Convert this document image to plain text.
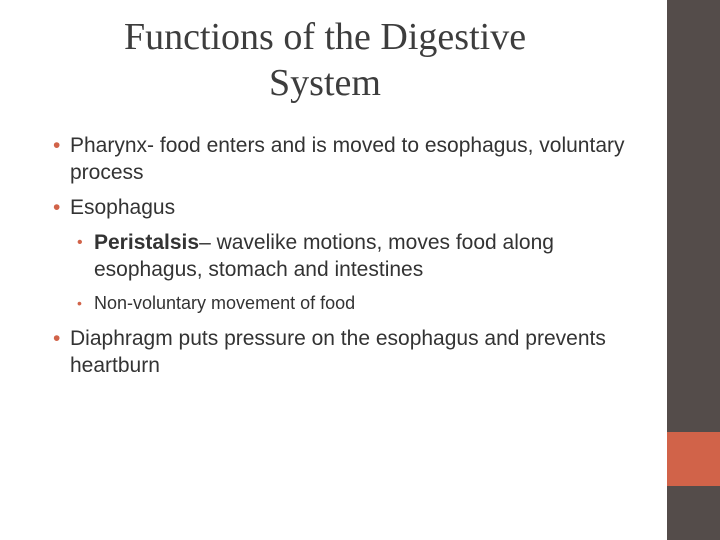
Functions of the Digestive
System
• Pharynx- food enters and is moved to esophagus, voluntary process
• Esophagus
• Peristalsis– wavelike motions, moves food along esophagus, stomach and intestines
• Non-voluntary movement of food
• Diaphragm puts pressure on the esophagus and prevents heartburn
